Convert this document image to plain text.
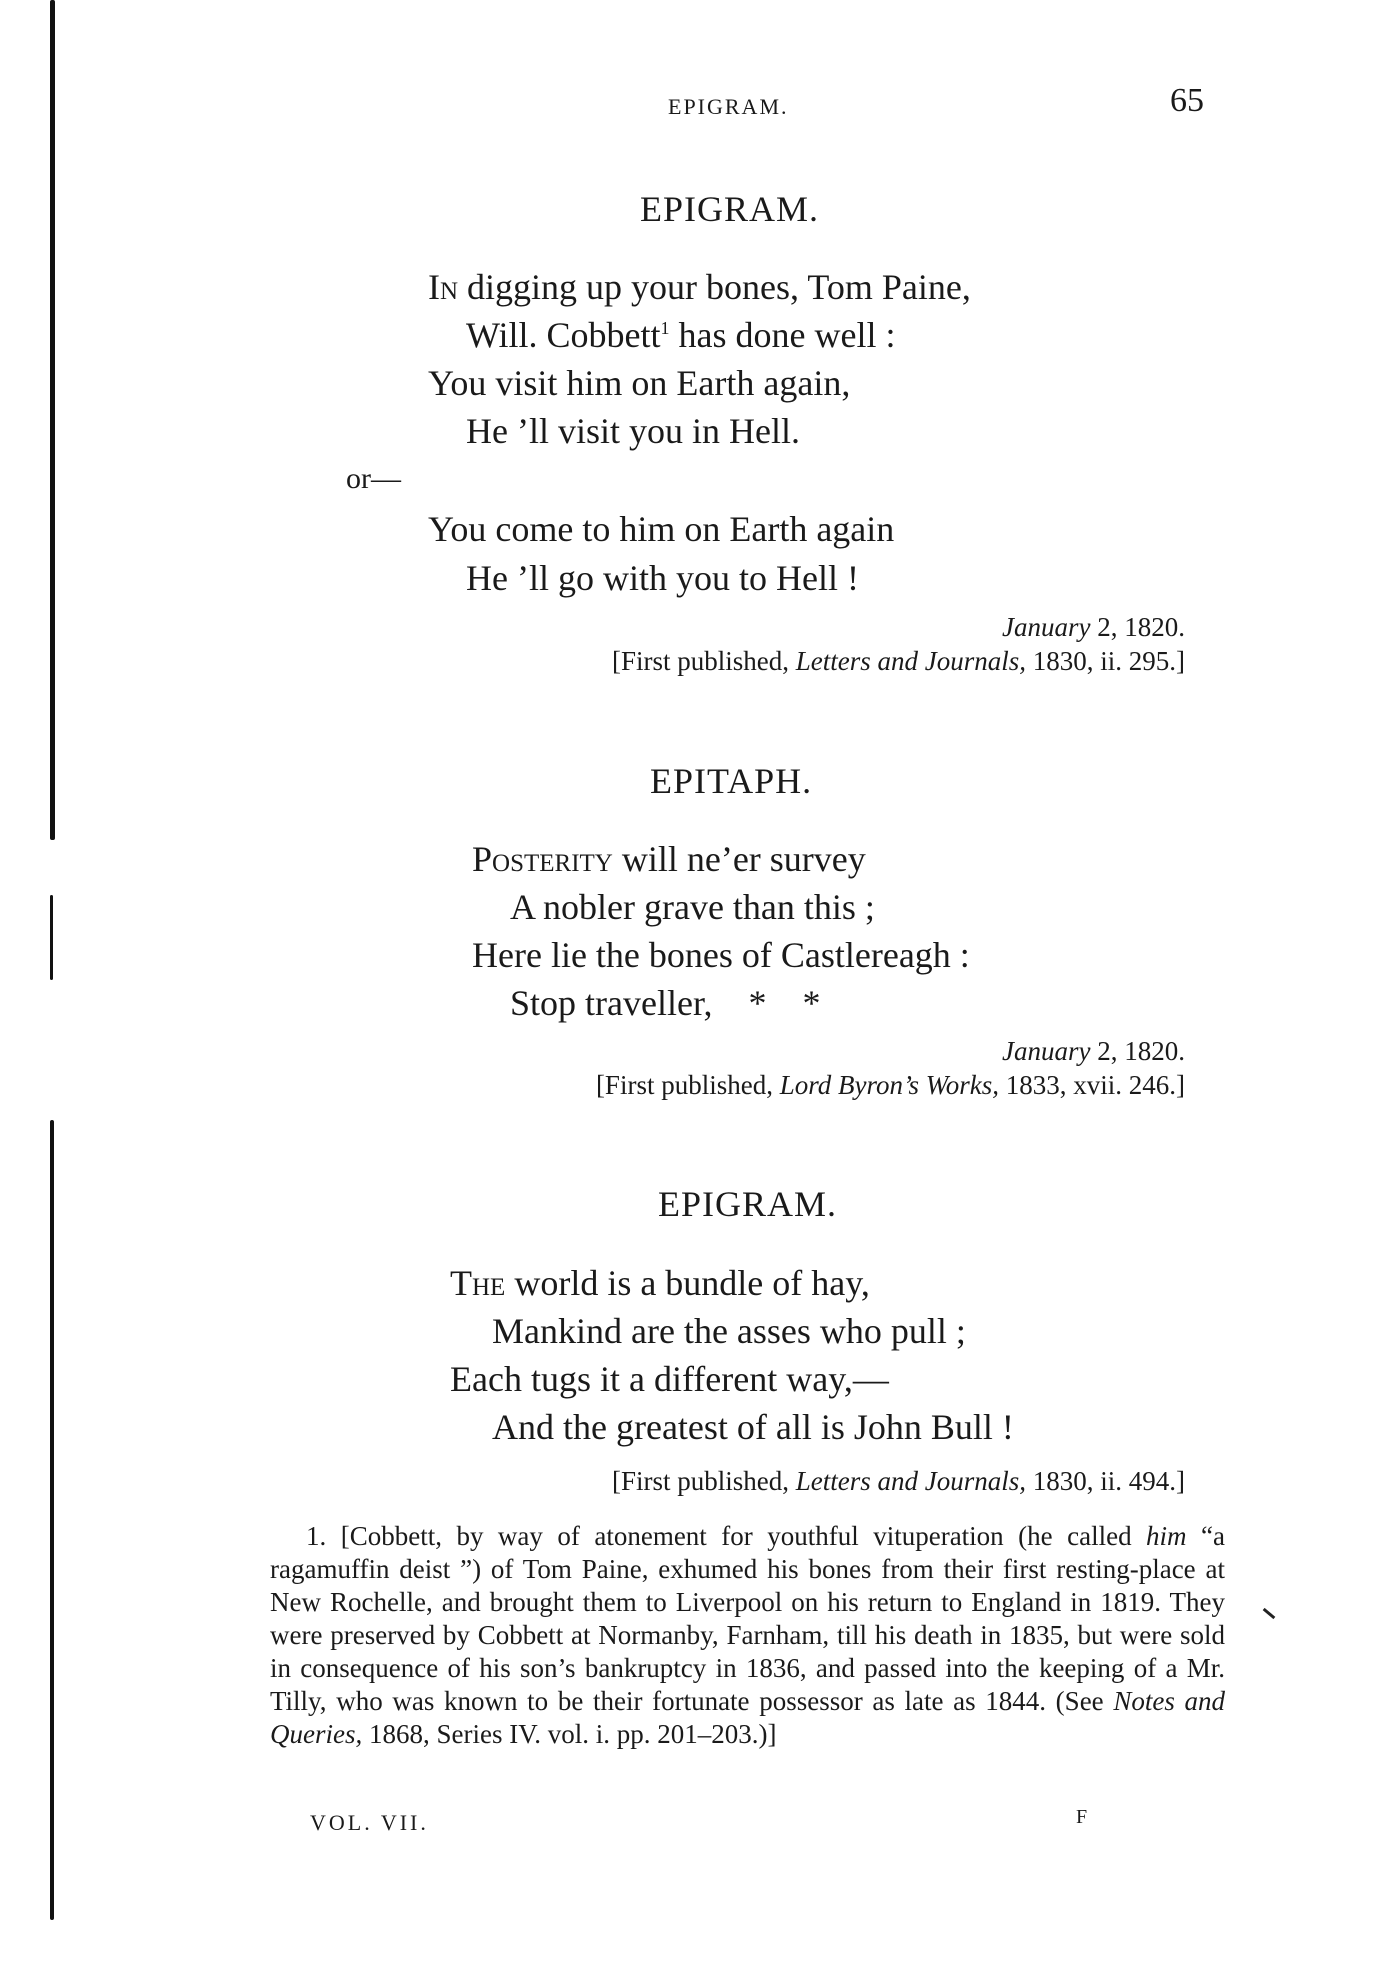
EPIGRAM.	65
EPIGRAM.
In digging up your bones, Tom Paine,
Will. Cobbett$^1$ has done well :
You visit him on Earth again,
He ’ll visit you in Hell.
or—
You come to him on Earth again
He ’ll go with you to Hell !
January 2, 1820.
[First published, Letters and Journals, 1830, ii. 295.]
EPITAPH.
Posterity will ne’er survey
A nobler grave than this ;
Here lie the bones of Castlereagh :
Stop traveller,    *    *
January 2, 1820.
[First published, Lord Byron’s Works, 1833, xvii. 246.]
EPIGRAM.
The world is a bundle of hay,
Mankind are the asses who pull ;
Each tugs it a different way,—
And the greatest of all is John Bull !
[First published, Letters and Journals, 1830, ii. 494.]
1. [Cobbett, by way of atonement for youthful vituperation (he called him “a ragamuffin deist ”) of Tom Paine, exhumed his bones from their first resting-place at New Rochelle, and brought them to Liverpool on his return to England in 1819. They were preserved by Cobbett at Normanby, Farnham, till his death in 1835, but were sold in consequence of his son’s bankruptcy in 1836, and passed into the keeping of a Mr. Tilly, who was known to be their fortunate possessor as late as 1844. (See Notes and Queries, 1868, Series IV. vol. i. pp. 201–203.)]
VOL. VII.	F
